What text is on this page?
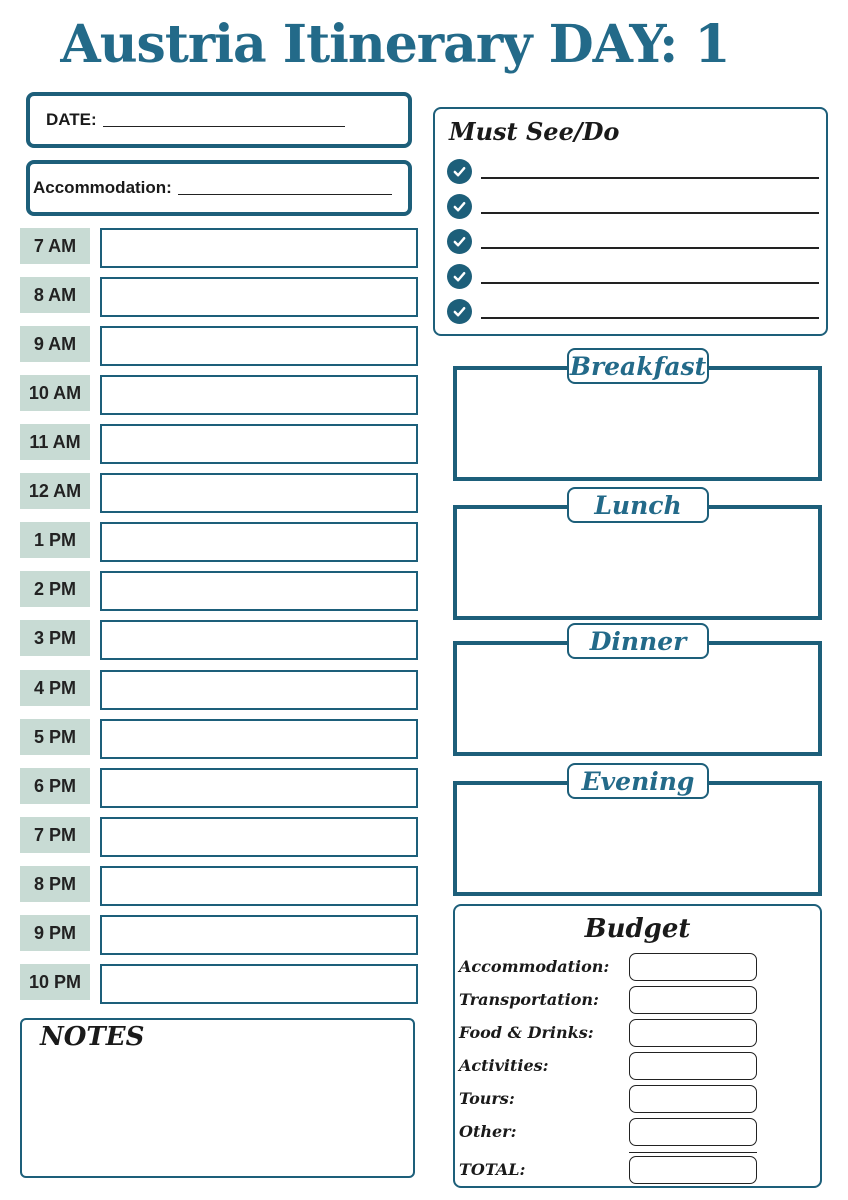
Austria Itinerary DAY: 1
DATE:
Accommodation:
7 AM
8 AM
9 AM
10 AM
11 AM
12 AM
1 PM
2 PM
3 PM
4 PM
5 PM
6 PM
7 PM
8 PM
9 PM
10 PM
NOTES
Must See/Do
Breakfast
Lunch
Dinner
Evening
Budget
Accommodation:
Transportation:
Food & Drinks:
Activities:
Tours:
Other:
TOTAL:
